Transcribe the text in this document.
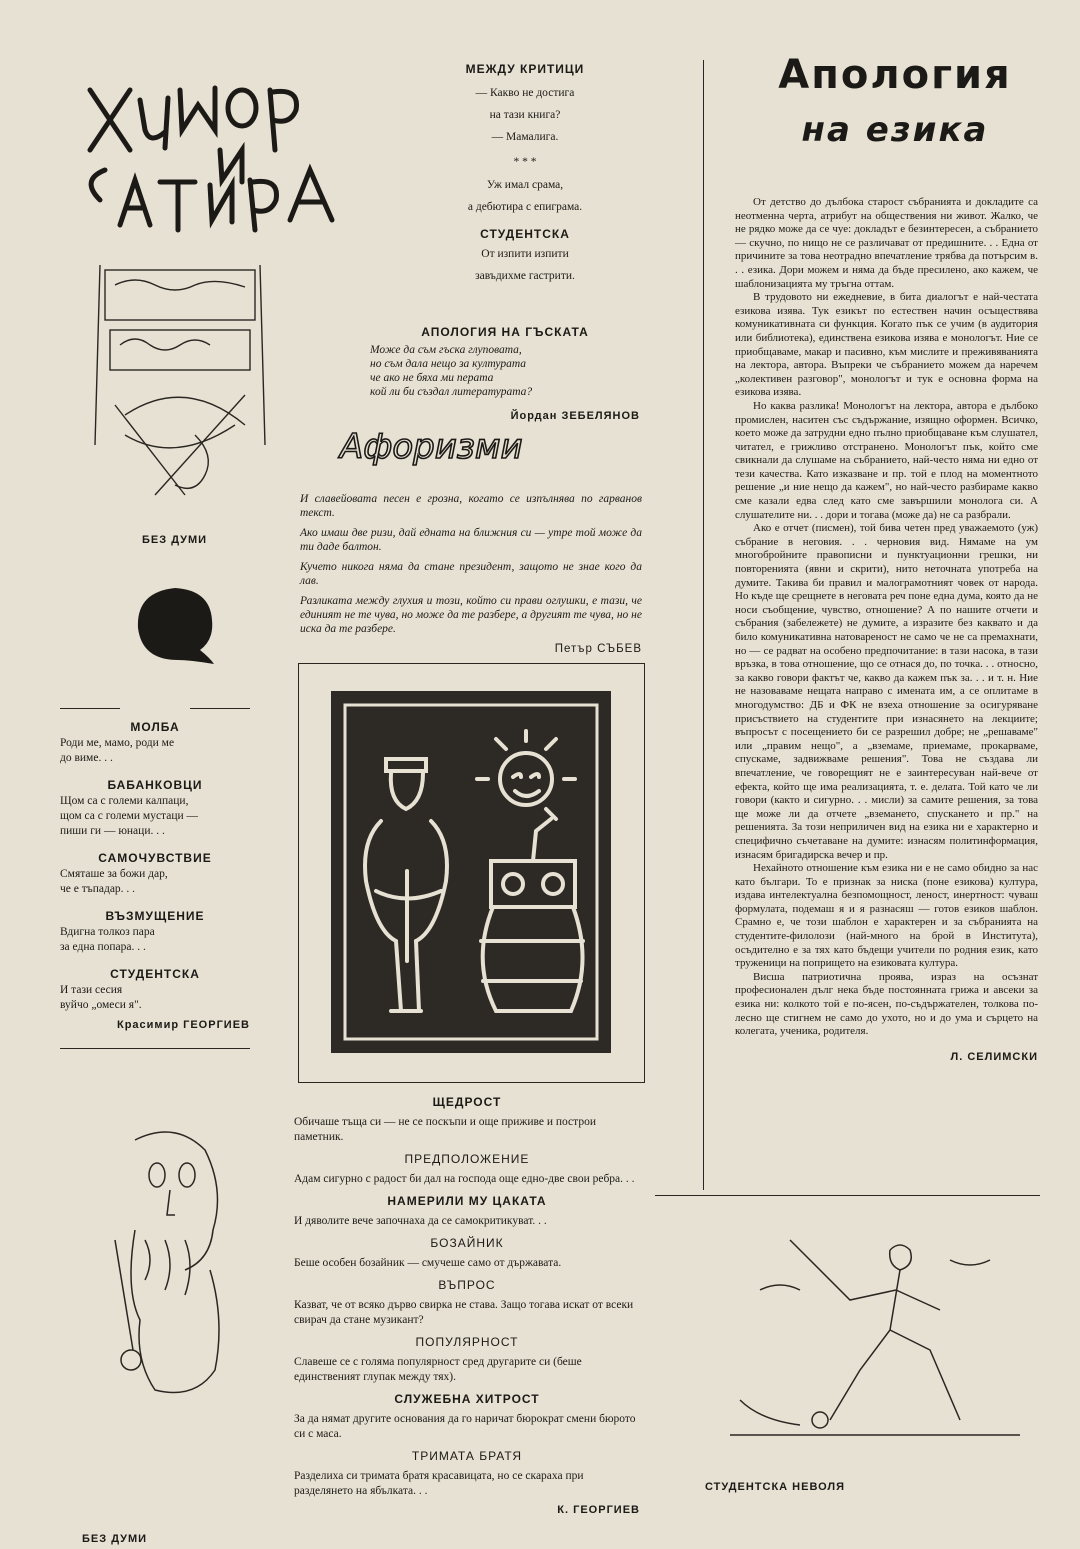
БЕЗ ДУМИ

МОЛБА

Роди ме, мамо, роди ме

до виме. . .

БАБАНКОВЦИ

Щом са с големи калпаци,

щом са с големи мустаци —

пиши ги — юнаци. . .

САМОЧУВСТВИЕ

Смяташе за божи дар,

че е тъпадар. . .

ВЪЗМУЩЕНИЕ

Вдигна толкоз пара

за една попара. . .

СТУДЕНТСКА

И тази сесия

вуйчо „омеси я".

Красимир ГЕОРГИЕВ

БЕЗ ДУМИ

МЕЖДУ КРИТИЦИ

— Какво не достига

на тази книга?

— Мамалига.

* * *

Уж имал срама,

а дебютира с епиграма.

СТУДЕНТСКА

От изпити изпити

завъдихме гастрити.

АПОЛОГИЯ НА ГЪСКАТА

Може да съм гъска глуповата,

но съм дала нещо за културата

че ако не бяха ми перата

кой ли би създал литературата?

Йордан ЗЕБЕЛЯНОВ

Афоризми

И славейовата песен е грозна, когато се изпълнява по гарванов текст.

Ако имаш две ризи, дай едната на ближния си — утре той може да ти даде балтон.

Кучето никога няма да стане президент, защото не знае кого да лав.

Разликата между глухия и този, който си прави оглушки, е тази, че единият не те чува, но може да те разбере, а другият те чува, но не иска да те разбере.

Петър СЪБЕВ

ЩЕДРОСТ

Обичаше тъща си — не се поскъпи и още приживе и построи паметник.

ПРЕДПОЛОЖЕНИЕ

Адам сигурно с радост би дал на господа още едно-две свои ребра. . .

НАМЕРИЛИ МУ ЦАКАТА

И дяволите вече започнаха да се самокритикуват. . .

БОЗАЙНИК

Беше особен бозайник — смучеше само от държавата.

ВЪПРОС

Казват, че от всяко дърво свирка не става. Защо тогава искат от всеки свирач да стане музикант?

ПОПУЛЯРНОСТ

Славеше се с голяма популярност сред другарите си (беше единственият глупак между тях).

СЛУЖЕБНА ХИТРОСТ

За да нямат другите основания да го наричат бюрократ смени бюрото си с маса.

ТРИМАТА БРАТЯ

Разделиха си тримата братя красавицата, но се скараха при разделянето на ябълката. . .

К. ГЕОРГИЕВ

Апология
на езика

От детство до дълбока старост събранията и докладите са неотменна черта, атрибут на обществения ни живот. Жалко, че не рядко може да се чуе: докладът е безинтересен, а събранието — скучно, по нищо не се различават от предишните. . . Една от причините за това неотрадно впечатление трябва да потърсим в. . . езика. Дори можем и няма да бъде пресилено, ако кажем, че шаблонизацията му тръгна оттам.

В трудовото ни ежедневие, в бита диалогът е най-честата езикова изява. Тук езикът по естествен начин осъществява комуникативната си функция. Когато пък се учим (в аудитория или библиотека), единствена езикова изява е монологът. Ние се приобщаваме, макар и пасивно, към мислите и преживяванията на лектора, автора. Въпреки че събранието можем да наречем „колективен разговор", монологът и тук е основна форма на езикова изява.

Но каква разлика! Монологът на лектора, автора е дълбоко промислен, наситен със съдържание, изящно оформен. Всичко, което може да затрудни едно пълно приобщаване към слушател, читател, е грижливо отстранено. Монологът пък, който сме свикнали да слушаме на събранието, най-често няма ни едно от тези качества. Като изказване и пр. той е плод на моментното решение „и ние нещо да кажем", но най-често разбираме какво сме казали едва след като сме завършили монолога си. А слушателите ни. . . дори и тогава (може да) не са разбрали.

Ако е отчет (писмен), той бива четен пред уважаемото (уж) събрание в неговия. . . черновия вид. Нямаме на ум многобройните правописни и пунктуационни грешки, ни повторенията (явни и скрити), нито неточната употреба на думите. Такива би правил и малограмотният човек от народа. Но къде ще срещнете в неговата реч поне една дума, която да не носи съобщение, чувство, отношение? А по нашите отчети и събрания (забележете) не думите, а изразите без каквато и да било комуникативна натовареност не само че не са премахнати, но — се радват на особено предпочитание: в тази насока, в тази връзка, в това отношение, що се отнася до, по точка. . . относно, за какво говори фактът че, какво да кажем пък за. . . и т. н. Ние не назоваваме нещата направо с имената им, а се оплитаме в многодумство: ДБ и ФК не взеха отношение за осигуряване присъствието на студентите при изнасянето на лекциите; въпросът с посещението би се разрешил добре; не „решаваме" или „правим нещо", а „вземаме, приемаме, прокарваме, спускаме, задвижваме решения". Това не създава ли впечатление, че говорещият не е заинтересуван най-вече от ефекта, който ще има реализацията, т. е. делата. Той като че ли говори (както и сигурно. . . мисли) за самите решения, за това ще може ли да отчете „вземането, спускането и пр." на решенията. За този неприличен вид на езика ни е характерно и специфично съчетаване на думите: изнасям политинформация, изнасям бригадирска вечер и пр.

Нехайното отношение към езика ни е не само обидно за нас като българи. То е признак за ниска (поне езикова) култура, издава интелектуална безпомощност, леност, инертност: чуваш формулата, подемаш я и я разнасяш — готов езиков шаблон. Срамно е, че този шаблон е характерен и за събранията на студентите-филолози (най-много на брой в Института), осъдително е за тях като бъдещи учители по родния език, като труженици на попрището на езиковата култура.

Висша патриотична проява, израз на осъзнат професионален дълг нека бъде постоянната грижа и авсеки за езика ни: колкото той е по-ясен, по-съдържателен, толкова по-лесно ще стигнем не само до ухото, но и до ума и сърцето на колегата, ученика, родителя.

Л. СЕЛИМСКИ

СТУДЕНТСКА НЕВОЛЯ
